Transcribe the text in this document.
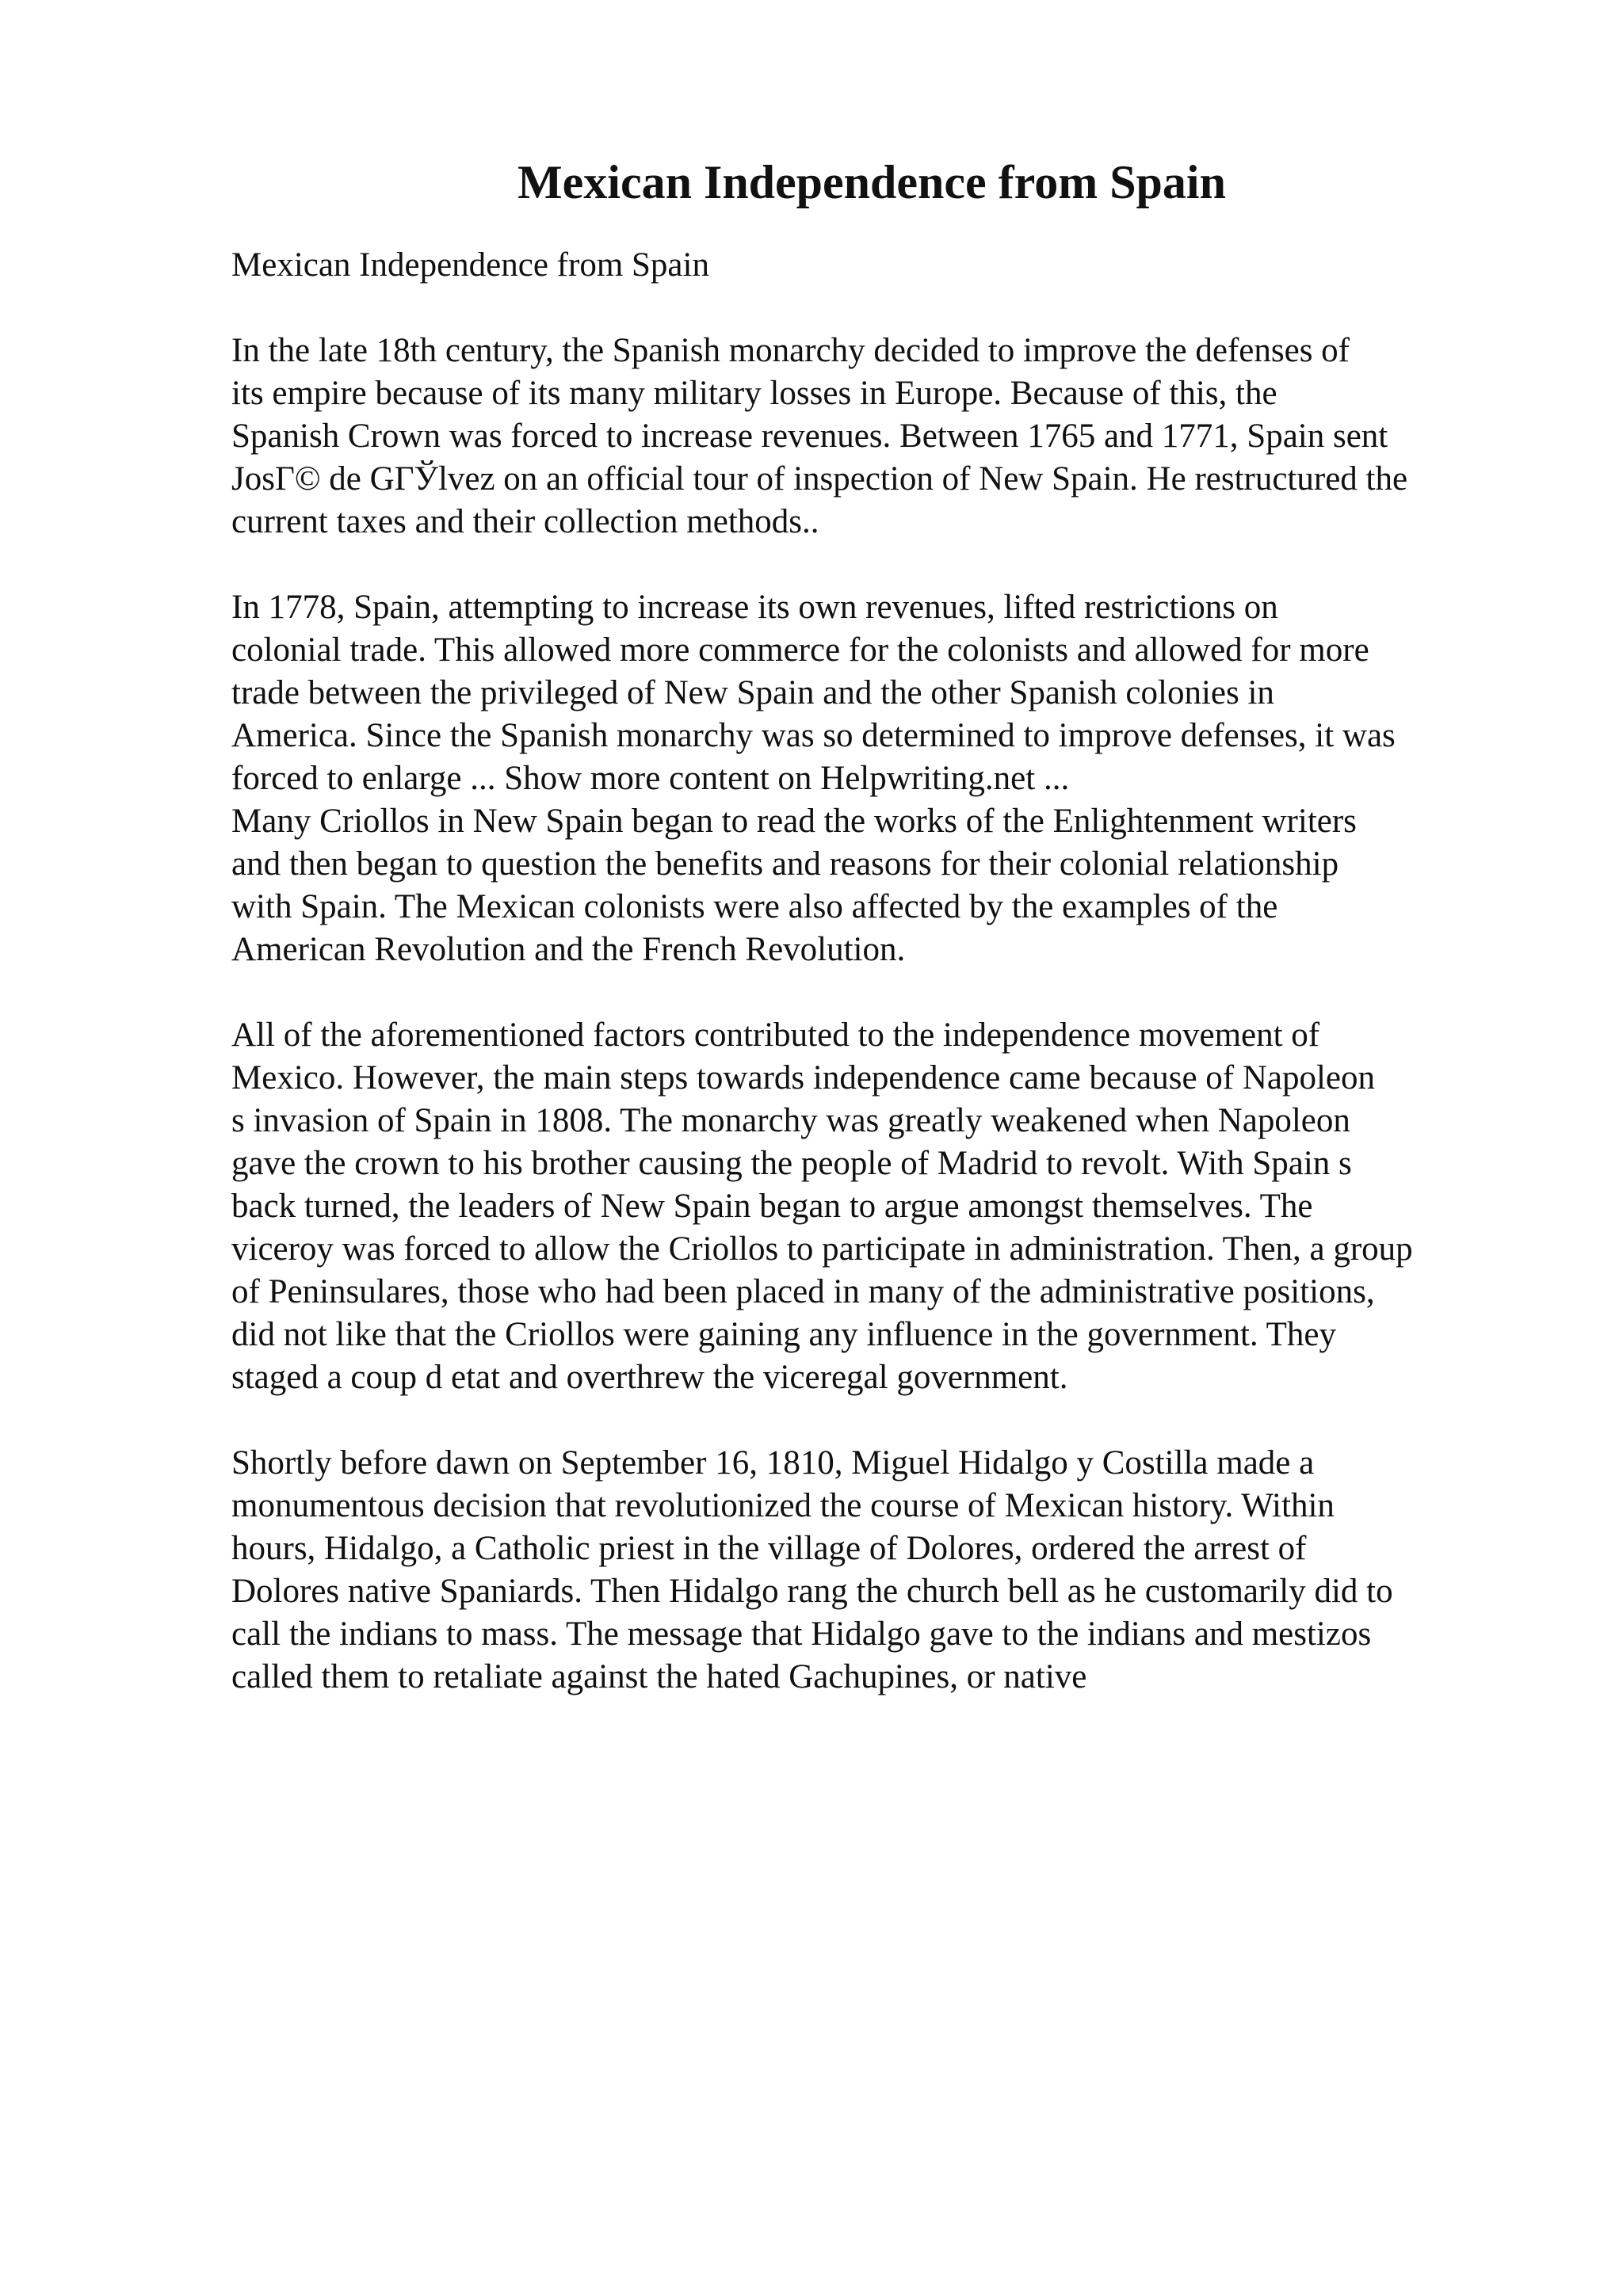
Mexican Independence from Spain

Mexican Independence from Spain

In the late 18th century, the Spanish monarchy decided to improve the defenses of
its empire because of its many military losses in Europe. Because of this, the
Spanish Crown was forced to increase revenues. Between 1765 and 1771, Spain sent
JosГ© de GГЎlvez on an official tour of inspection of New Spain. He restructured the
current taxes and their collection methods..

In 1778, Spain, attempting to increase its own revenues, lifted restrictions on
colonial trade. This allowed more commerce for the colonists and allowed for more
trade between the privileged of New Spain and the other Spanish colonies in
America. Since the Spanish monarchy was so determined to improve defenses, it was
forced to enlarge ... Show more content on Helpwriting.net ...
Many Criollos in New Spain began to read the works of the Enlightenment writers
and then began to question the benefits and reasons for their colonial relationship
with Spain. The Mexican colonists were also affected by the examples of the
American Revolution and the French Revolution.

All of the aforementioned factors contributed to the independence movement of
Mexico. However, the main steps towards independence came because of Napoleon
s invasion of Spain in 1808. The monarchy was greatly weakened when Napoleon
gave the crown to his brother causing the people of Madrid to revolt. With Spain s
back turned, the leaders of New Spain began to argue amongst themselves. The
viceroy was forced to allow the Criollos to participate in administration. Then, a group
of Peninsulares, those who had been placed in many of the administrative positions,
did not like that the Criollos were gaining any influence in the government. They
staged a coup d etat and overthrew the viceregal government.

Shortly before dawn on September 16, 1810, Miguel Hidalgo y Costilla made a
monumentous decision that revolutionized the course of Mexican history. Within
hours, Hidalgo, a Catholic priest in the village of Dolores, ordered the arrest of
Dolores native Spaniards. Then Hidalgo rang the church bell as he customarily did to
call the indians to mass. The message that Hidalgo gave to the indians and mestizos
called them to retaliate against the hated Gachupines, or native
